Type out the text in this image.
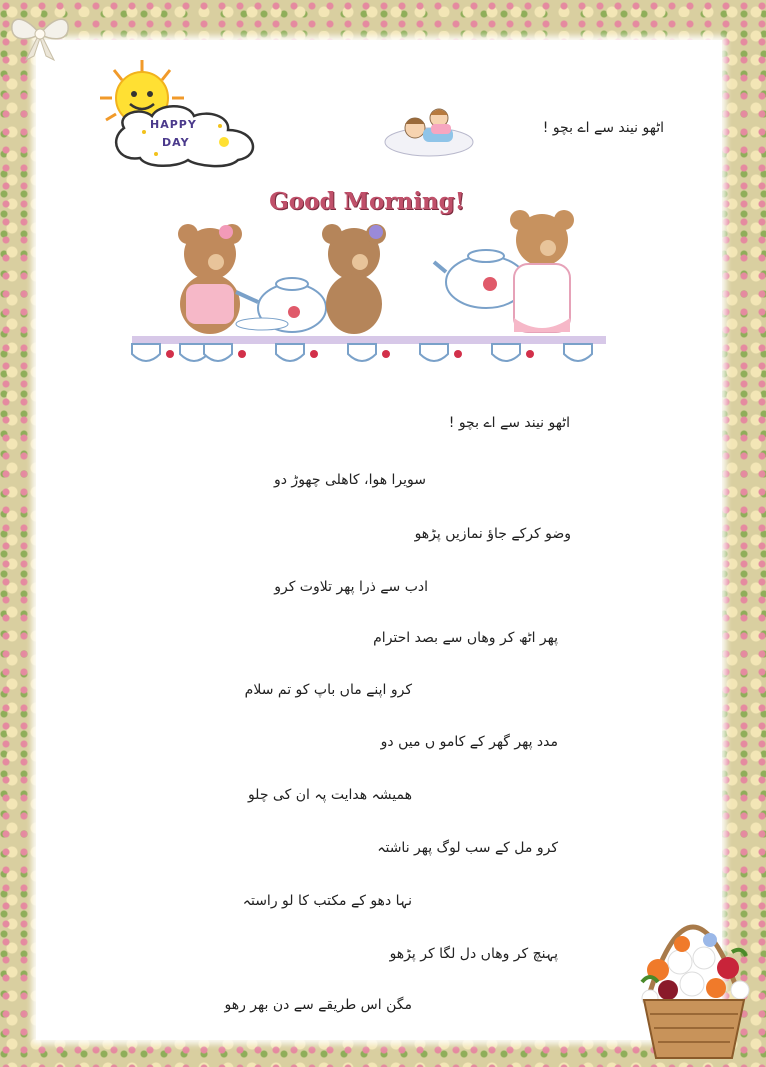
HAPPY
DAY
اٹھو نیند سے اے بچو !
Good Morning!
اٹھو نیند سے اے بچو !
سویرا ھوا، کاھلی چھوڑ دو
وضو کرکے جاؤ نمازیں پڑھو
ادب سے ذرا پھر تلاوت کرو
پھر اٹھ کر وھاں سے بصد احترام
کرو اپنے ماں باپ کو تم سلام
مدد پھر گھر کے کامو ں میں دو
ھمیشہ ھدایت پہ ان کی چلو
کرو مل کے سب لوگ پھر ناشتہ
نہا دھو کے مکتب کا لو راستہ
پہنچ کر وھاں دل لگا کر پڑھو
مگن اس طریقے سے دن بھر رھو
